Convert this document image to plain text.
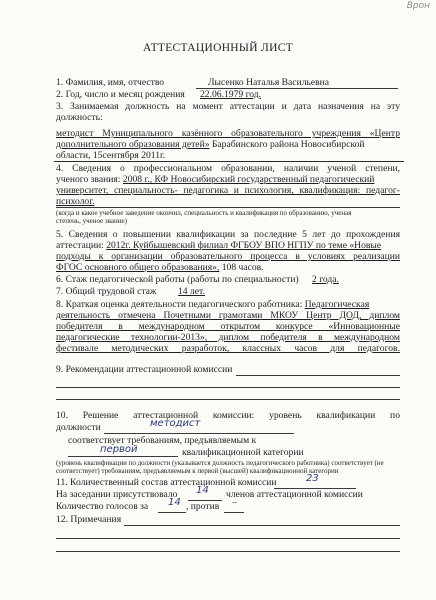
Врон
АТТЕСТАЦИОННЫЙ ЛИСТ
1. Фамилия, имя, отчество	Лысенко Наталья Васильевна
2. Год, число и месяц рождения 22.06.1979 год.
3. Занимаемая должность на момент аттестации и дата назначения на эту
должность:
методист Муниципального казённого образовательного учреждения «Центр
дополнительного образования детей» Барабинского района Новосибирской
области, 15сентября 2011г.
4. Сведения о профессиональном образовании, наличии ученой степени,
ученого звания: 2008 г., КФ Новосибирский государственный педагогический
университет, специальность- педагогика и психология, квалификация: педагог-
психолог.
(когда и какое учебное заведение окончил, специальность и квалификация по образованию, ученая
степень, ученое звание)
5. Сведения о повышении квалификации за последние 5 лет до прохождения
аттестации: 2012г. Куйбышевский филиал ФГБОУ ВПО НГПУ по теме «Новые
подходы к организации образовательного процесса в условиях реализации
ФГОС основного общего образования», 108 часов.
6. Стаж педагогической работы (работы по специальности) 2 года.
7. Общий трудовой стаж 14 лет.
8. Краткая оценка деятельности педагогического работника: Педагогическая
деятельность отмечена Почетными грамотами МКОУ Центр ДОД, диплом
победителя в международном открытом конкурсе «Инновационные
педагогические технологии-2013», диплом победителя в международном
фестивале методических разработок, классных часов для педагогов.
9. Рекомендации аттестационной комиссии
10. Решение аттестационной комиссии: уровень квалификации по
должности	методист
соответствует требованиям, предъявляемым к
первой	квалификационной категории
(уровень квалификации по должности (указывается должность педагогического работника) соответствует (не
соответствует) требованиям, предъявляемым к первой (высшей) квалификационной категории
11. Количественный состав аттестационной комиссии	23
На заседании присутствовало 14 членов аттестационной комиссии
Количество голосов за 14 , против –
12. Примечания
